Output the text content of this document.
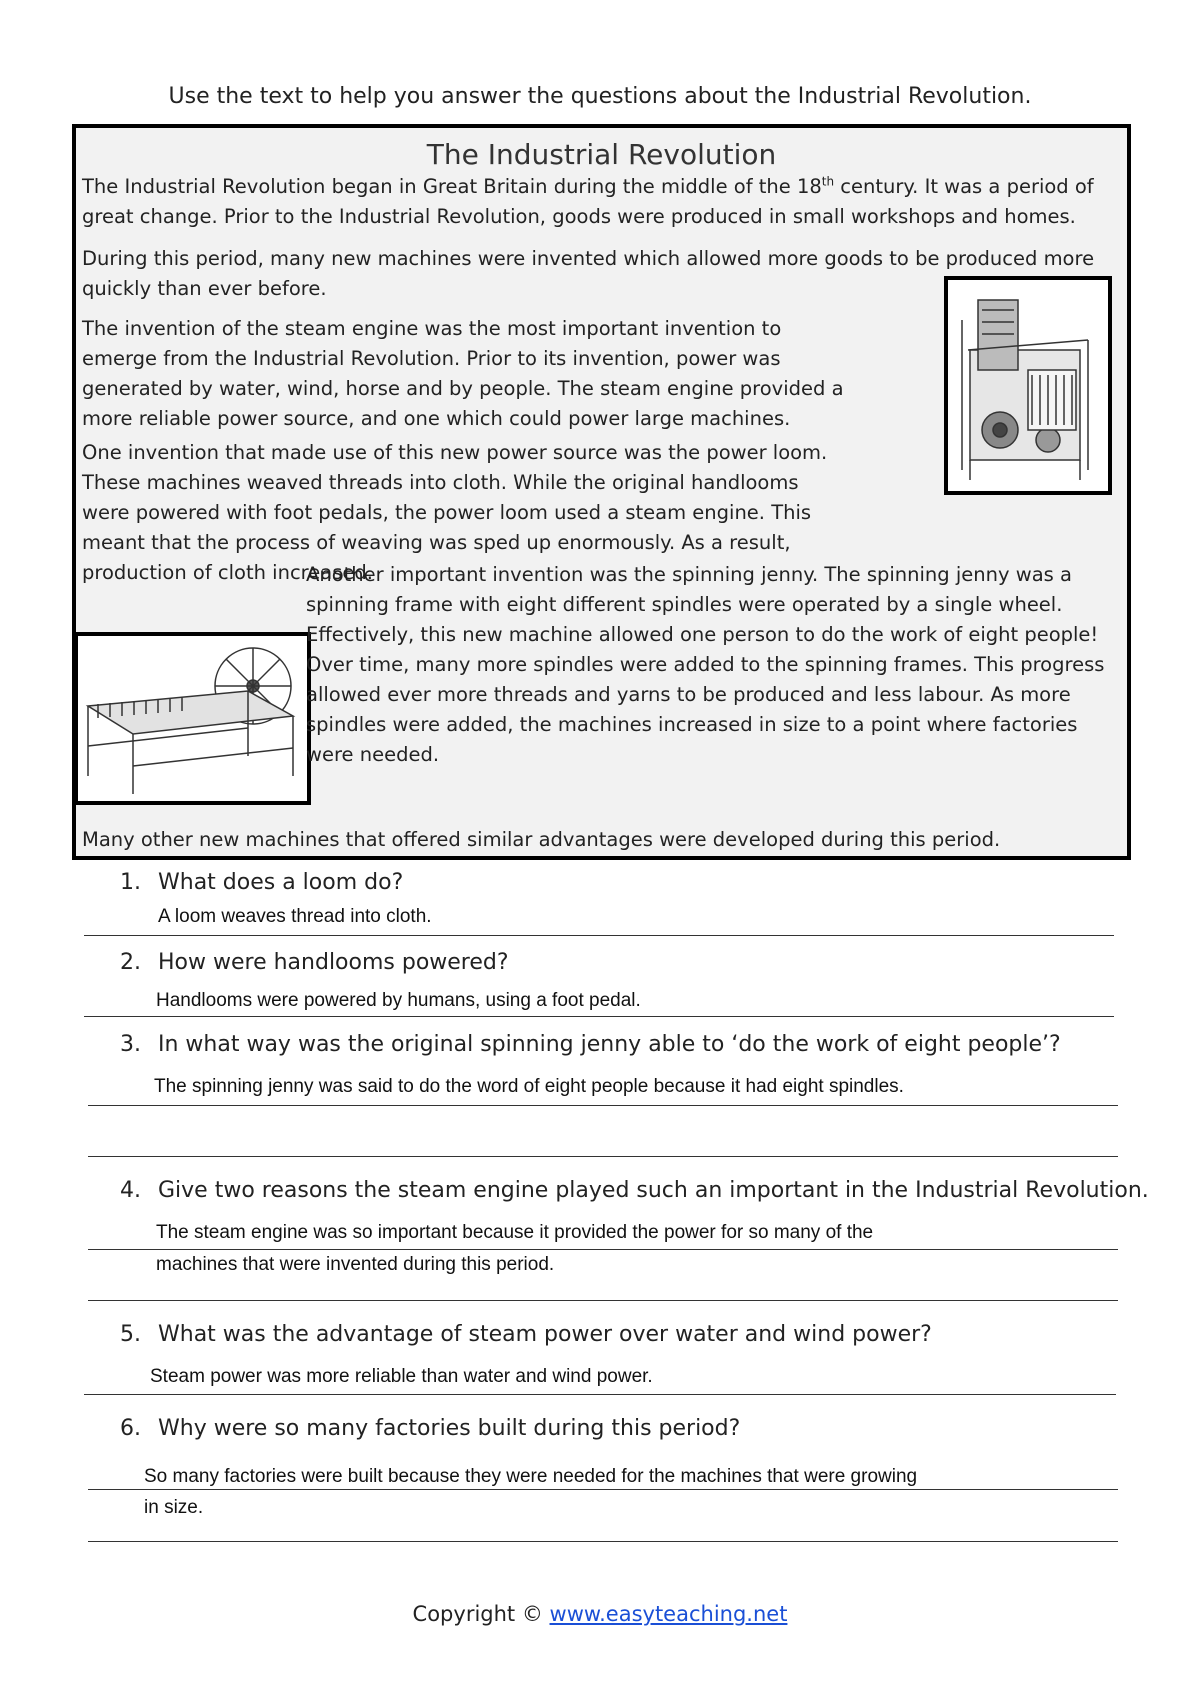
Use the text to help you answer the questions about the Industrial Revolution.
The Industrial Revolution

The Industrial Revolution began in Great Britain during the middle of the 18th century. It was a period of great change. Prior to the Industrial Revolution, goods were produced in small workshops and homes.

During this period, many new machines were invented which allowed more goods to be produced more quickly than ever before.

The invention of the steam engine was the most important invention to emerge from the Industrial Revolution. Prior to its invention, power was generated by water, wind, horse and by people. The steam engine provided a more reliable power source, and one which could power large machines.

One invention that made use of this new power source was the power loom. These machines weaved threads into cloth. While the original handlooms were powered with foot pedals, the power loom used a steam engine. This meant that the process of weaving was sped up enormously. As a result, production of cloth increased.

Another important invention was the spinning jenny. The spinning jenny was a spinning frame with eight different spindles were operated by a single wheel. Effectively, this new machine allowed one person to do the work of eight people! Over time, many more spindles were added to the spinning frames. This progress allowed ever more threads and yarns to be produced and less labour. As more spindles were added, the machines increased in size to a point where factories were needed.

Many other new machines that offered similar advantages were developed during this period.

1. What does a loom do?
A loom weaves thread into cloth.
2. How were handlooms powered?
Handlooms were powered by humans, using a foot pedal.
3. In what way was the original spinning jenny able to ‘do the work of eight people’?
The spinning jenny was said to do the word of eight people because it had eight spindles.
4. Give two reasons the steam engine played such an important in the Industrial Revolution.
The steam engine was so important because it provided the power for so many of the
machines that were invented during this period.
5. What was the advantage of steam power over water and wind power?
Steam power was more reliable than water and wind power.
6. Why were so many factories built during this period?
So many factories were built because they were needed for the machines that were growing
in size.
Copyright © www.easyteaching.net
